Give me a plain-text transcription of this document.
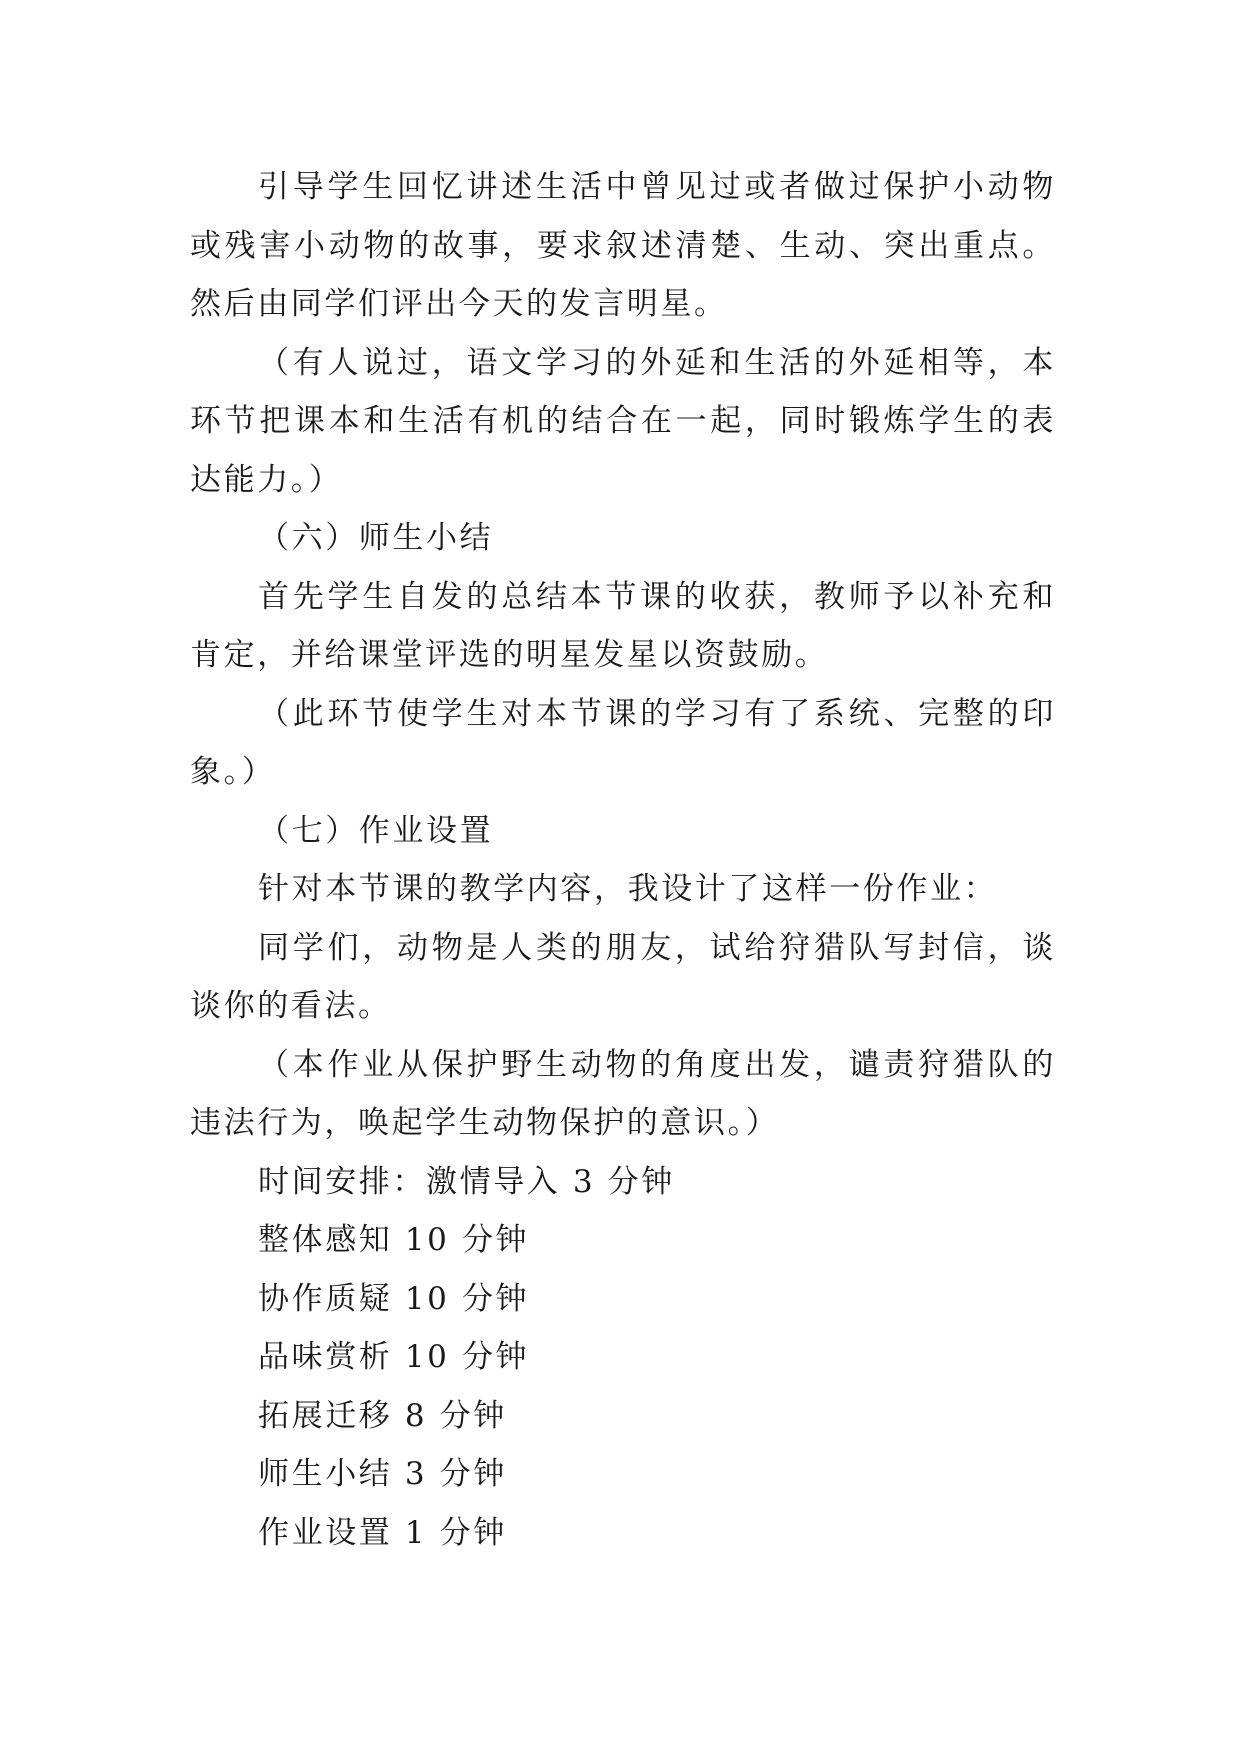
引导学生回忆讲述生活中曾见过或者做过保护小动物或残害小动物的故事，要求叙述清楚、生动、突出重点。然后由同学们评出今天的发言明星。

（有人说过，语文学习的外延和生活的外延相等，本环节把课本和生活有机的结合在一起，同时锻炼学生的表达能力。）

（六）师生小结

首先学生自发的总结本节课的收获，教师予以补充和肯定，并给课堂评选的明星发星以资鼓励。

（此环节使学生对本节课的学习有了系统、完整的印象。）

（七）作业设置

针对本节课的教学内容，我设计了这样一份作业：

同学们，动物是人类的朋友，试给狩猎队写封信，谈谈你的看法。

（本作业从保护野生动物的角度出发，谴责狩猎队的违法行为，唤起学生动物保护的意识。）

时间安排：激情导入 3 分钟

整体感知 10 分钟

协作质疑 10 分钟

品味赏析 10 分钟

拓展迁移 8 分钟

师生小结 3 分钟

作业设置 1 分钟
